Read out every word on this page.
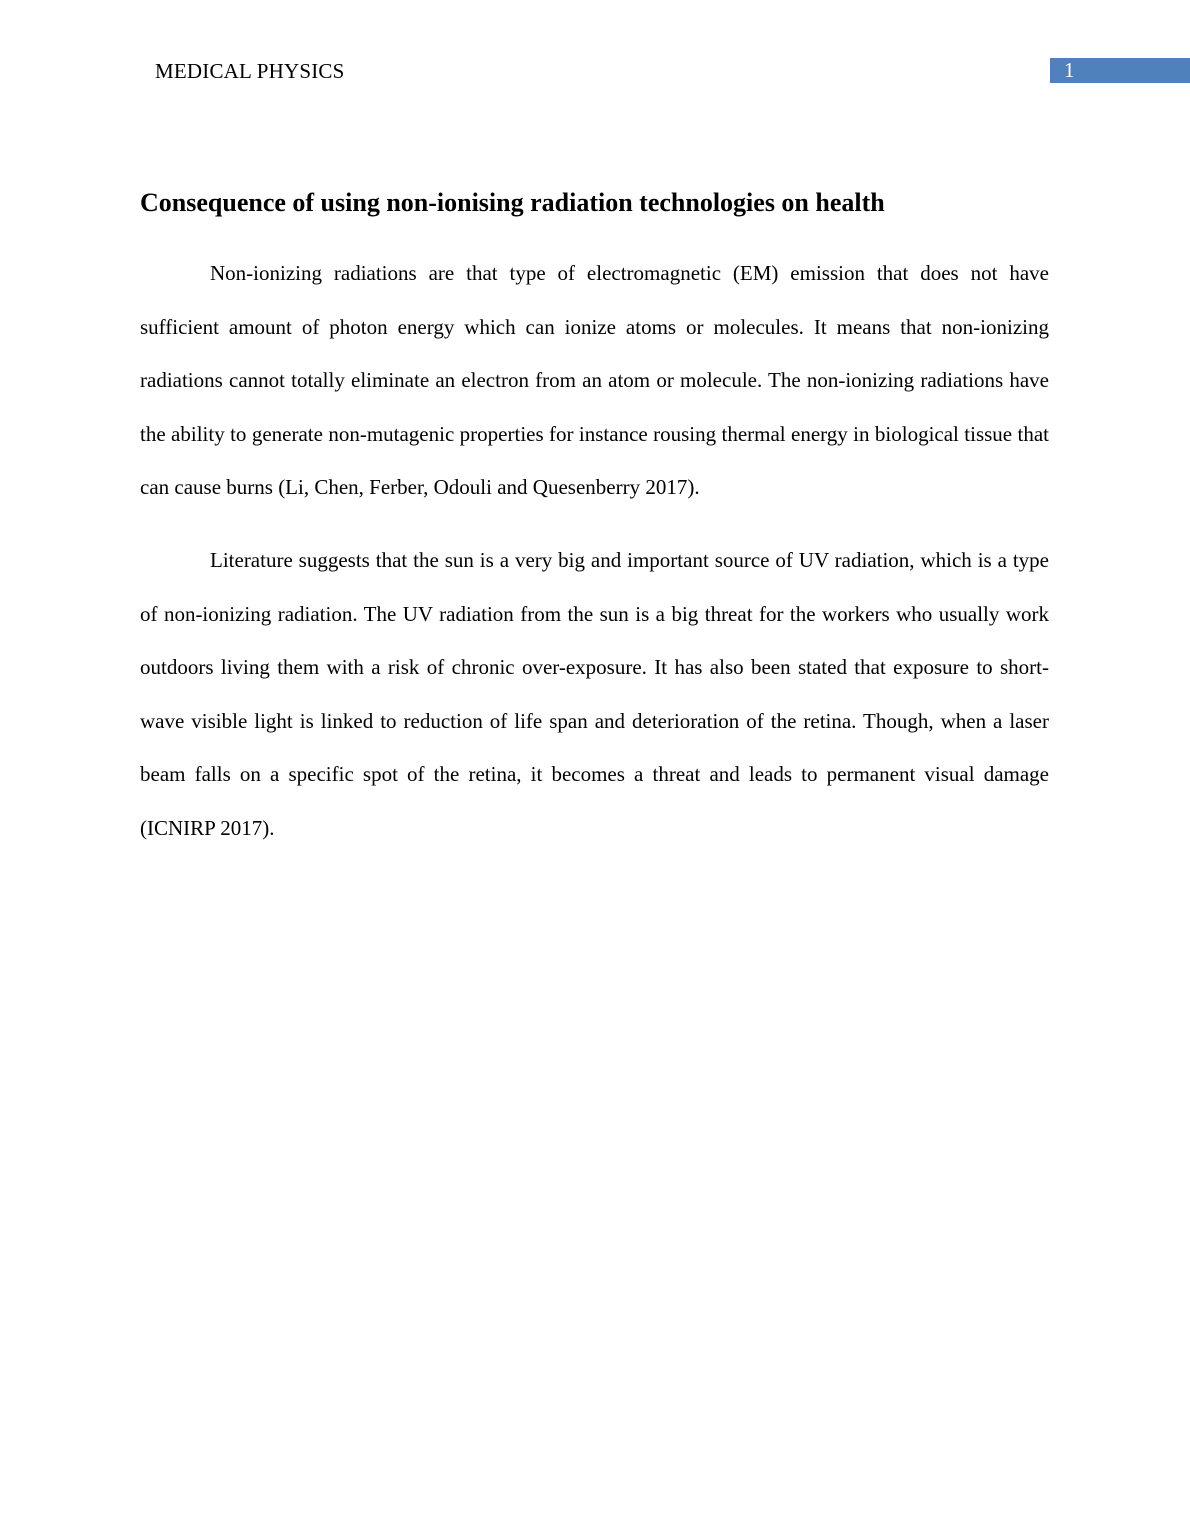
MEDICAL PHYSICS	1
Consequence of using non-ionising radiation technologies on health

Non-ionizing radiations are that type of electromagnetic (EM) emission that does not have sufficient amount of photon energy which can ionize atoms or molecules. It means that non-ionizing radiations cannot totally eliminate an electron from an atom or molecule. The non-ionizing radiations have the ability to generate non-mutagenic properties for instance rousing thermal energy in biological tissue that can cause burns (Li, Chen, Ferber, Odouli and Quesenberry 2017).

Literature suggests that the sun is a very big and important source of UV radiation, which is a type of non-ionizing radiation. The UV radiation from the sun is a big threat for the workers who usually work outdoors living them with a risk of chronic over-exposure. It has also been stated that exposure to short-wave visible light is linked to reduction of life span and deterioration of the retina. Though, when a laser beam falls on a specific spot of the retina, it becomes a threat and leads to permanent visual damage (ICNIRP 2017).
